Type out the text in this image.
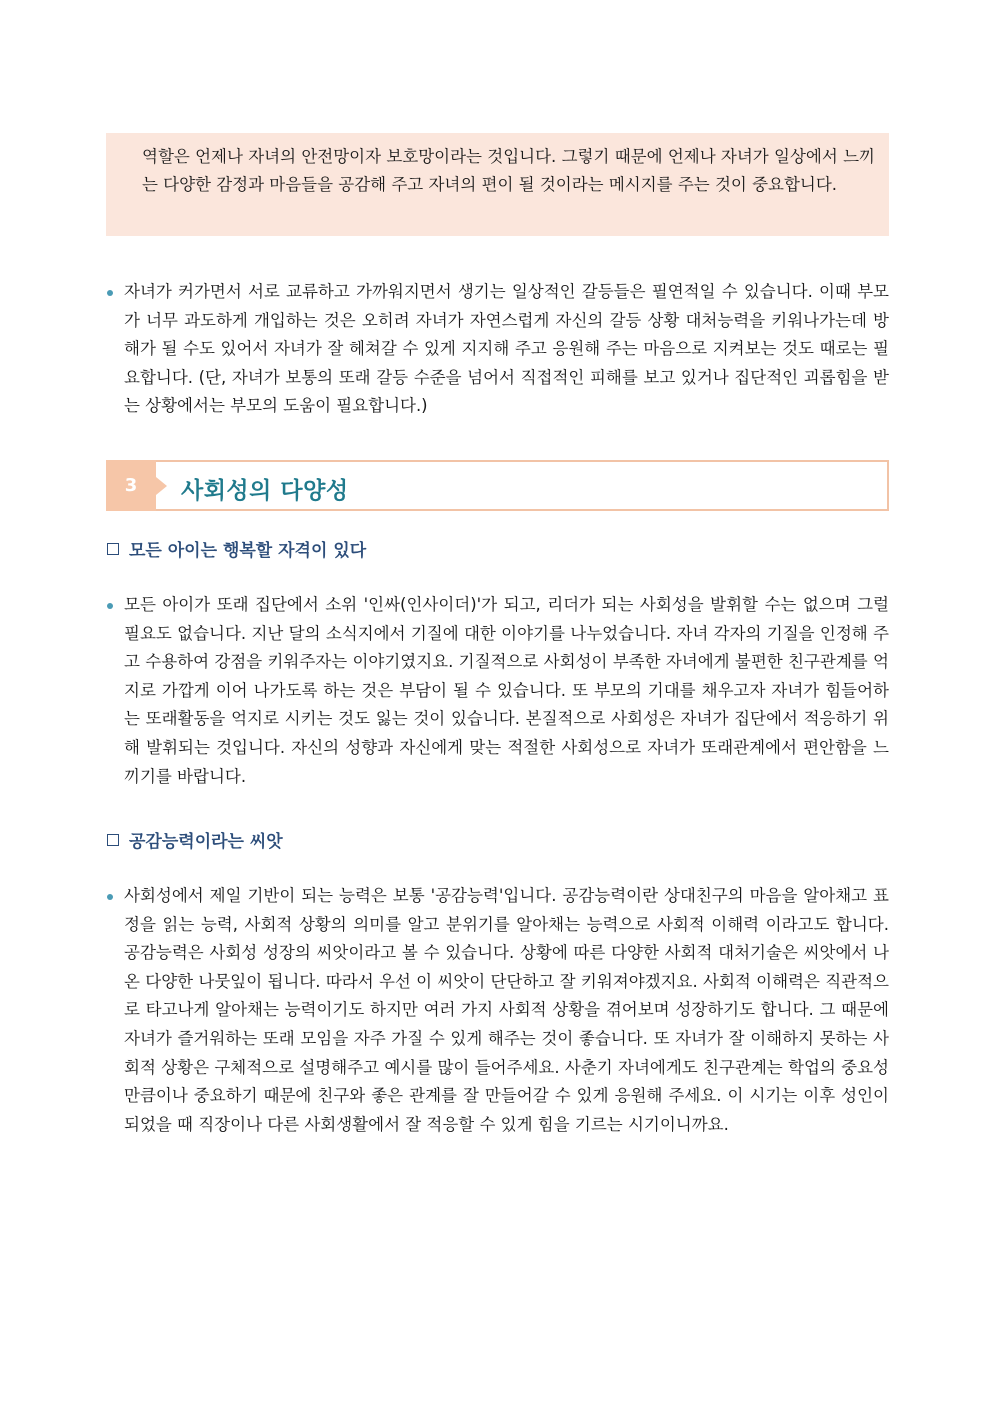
역할은 언제나 자녀의 안전망이자 보호망이라는 것입니다. 그렇기 때문에 언제나 자녀가 일상에서 느끼는 다양한 감정과 마음들을 공감해 주고 자녀의 편이 될 것이라는 메시지를 주는 것이 중요합니다.

자녀가 커가면서 서로 교류하고 가까워지면서 생기는 일상적인 갈등들은 필연적일 수 있습니다. 이때 부모가 너무 과도하게 개입하는 것은 오히려 자녀가 자연스럽게 자신의 갈등 상황 대처능력을 키워나가는데 방해가 될 수도 있어서 자녀가 잘 헤쳐갈 수 있게 지지해 주고 응원해 주는 마음으로 지켜보는 것도 때로는 필요합니다. (단, 자녀가 보통의 또래 갈등 수준을 넘어서 직접적인 피해를 보고 있거나 집단적인 괴롭힘을 받는 상황에서는 부모의 도움이 필요합니다.)

3	사회성의 다양성
모든 아이는 행복할 자격이 있다

모든 아이가 또래 집단에서 소위 '인싸(인사이더)'가 되고, 리더가 되는 사회성을 발휘할 수는 없으며 그럴 필요도 없습니다. 지난 달의 소식지에서 기질에 대한 이야기를 나누었습니다. 자녀 각자의 기질을 인정해 주고 수용하여 강점을 키워주자는 이야기였지요. 기질적으로 사회성이 부족한 자녀에게 불편한 친구관계를 억지로 가깝게 이어 나가도록 하는 것은 부담이 될 수 있습니다. 또 부모의 기대를 채우고자 자녀가 힘들어하는 또래활동을 억지로 시키는 것도 잃는 것이 있습니다. 본질적으로 사회성은 자녀가 집단에서 적응하기 위해 발휘되는 것입니다. 자신의 성향과 자신에게 맞는 적절한 사회성으로 자녀가 또래관계에서 편안함을 느끼기를 바랍니다.

공감능력이라는 씨앗

사회성에서 제일 기반이 되는 능력은 보통 '공감능력'입니다. 공감능력이란 상대친구의 마음을 알아채고 표정을 읽는 능력, 사회적 상황의 의미를 알고 분위기를 알아채는 능력으로 사회적 이해력 이라고도 합니다. 공감능력은 사회성 성장의 씨앗이라고 볼 수 있습니다. 상황에 따른 다양한 사회적 대처기술은 씨앗에서 나온 다양한 나뭇잎이 됩니다. 따라서 우선 이 씨앗이 단단하고 잘 키워져야겠지요. 사회적 이해력은 직관적으로 타고나게 알아채는 능력이기도 하지만 여러 가지 사회적 상황을 겪어보며 성장하기도 합니다. 그 때문에 자녀가 즐거워하는 또래 모임을 자주 가질 수 있게 해주는 것이 좋습니다. 또 자녀가 잘 이해하지 못하는 사회적 상황은 구체적으로 설명해주고 예시를 많이 들어주세요. 사춘기 자녀에게도 친구관계는 학업의 중요성만큼이나 중요하기 때문에 친구와 좋은 관계를 잘 만들어갈 수 있게 응원해 주세요. 이 시기는 이후 성인이 되었을 때 직장이나 다른 사회생활에서 잘 적응할 수 있게 힘을 기르는 시기이니까요.
